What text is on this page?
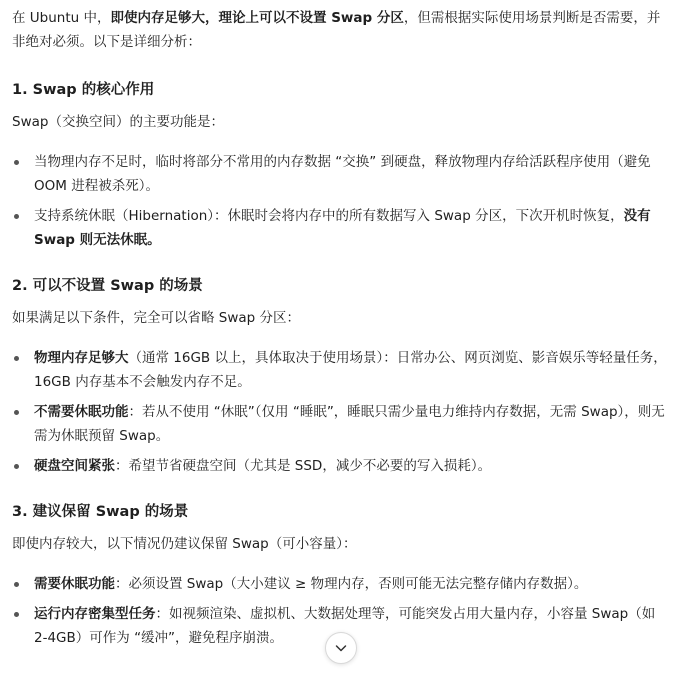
在 Ubuntu 中，即使内存足够大，理论上可以不设置 Swap 分区，但需根据实际使用场景判断是否需要，并非绝对必须。以下是详细分析：

1. Swap 的核心作用

Swap（交换空间）的主要功能是：

当物理内存不足时，临时将部分不常用的内存数据 “交换” 到硬盘，释放物理内存给活跃程序使用（避免 OOM 进程被杀死）。
支持系统休眠（Hibernation）：休眠时会将内存中的所有数据写入 Swap 分区，下次开机时恢复，没有 Swap 则无法休眠。

2. 可以不设置 Swap 的场景

如果满足以下条件，完全可以省略 Swap 分区：

物理内存足够大（通常 16GB 以上，具体取决于使用场景）：日常办公、网页浏览、影音娱乐等轻量任务，16GB 内存基本不会触发内存不足。
不需要休眠功能：若从不使用 “休眠”（仅用 “睡眠”，睡眠只需少量电力维持内存数据，无需 Swap），则无需为休眠预留 Swap。
硬盘空间紧张：希望节省硬盘空间（尤其是 SSD，减少不必要的写入损耗）。

3. 建议保留 Swap 的场景

即使内存较大，以下情况仍建议保留 Swap（可小容量）：

需要休眠功能：必须设置 Swap（大小建议 ≥ 物理内存，否则可能无法完整存储内存数据）。
运行内存密集型任务：如视频渲染、虚拟机、大数据处理等，可能突发占用大量内存，小容量 Swap（如 2-4GB）可作为 “缓冲”，避免程序崩溃。
